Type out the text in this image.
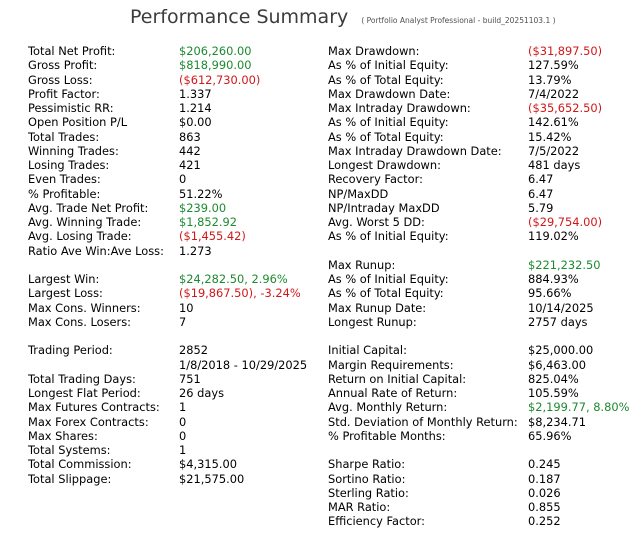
Performance Summary ( Portfolio Analyst Professional - build_20251103.1 )
Total Net Profit:	$206,260.00
Gross Profit:	$818,990.00
Gross Loss:	($612,730.00)
Profit Factor:	1.337
Pessimistic RR:	1.214
Open Position P/L	$0.00
Total Trades:	863
Winning Trades:	442
Losing Trades:	421
Even Trades:	0
% Profitable:	51.22%
Avg. Trade Net Profit:	$239.00
Avg. Winning Trade:	$1,852.92
Avg. Losing Trade:	($1,455.42)
Ratio Ave Win:Ave Loss: 1.273
Largest Win:	$24,282.50, 2.96%
Largest Loss:	($19,867.50), -3.24%
Max Cons. Winners:	10
Max Cons. Losers:	7
Trading Period:	2852
1/8/2018 - 10/29/2025
Total Trading Days:	751
Longest Flat Period:	26 days
Max Futures Contracts: 1
Max Forex Contracts:	0
Max Shares:	0
Total Systems:	1
Total Commission:	$4,315.00
Total Slippage:	$21,575.00
Max Drawdown:	($31,897.50)
As % of Initial Equity:	127.59%
As % of Total Equity:	13.79%
Max Drawdown Date:	7/4/2022
Max Intraday Drawdown:	($35,652.50)
As % of Initial Equity:	142.61%
As % of Total Equity:	15.42%
Max Intraday Drawdown Date: 7/5/2022
Longest Drawdown:	481 days
Recovery Factor:	6.47
NP/MaxDD	6.47
NP/Intraday MaxDD	5.79
Avg. Worst 5 DD:	($29,754.00)
As % of Initial Equity:	119.02%
Max Runup:	$221,232.50
As % of Initial Equity:	884.93%
As % of Total Equity:	95.66%
Max Runup Date:	10/14/2025
Longest Runup:	2757 days
Initial Capital:	$25,000.00
Margin Requirements:	$6,463.00
Return on Initial Capital:	825.04%
Annual Rate of Return:	105.59%
Avg. Monthly Return:	$2,199.77, 8.80%
Std. Deviation of Monthly Return: $8,234.71
% Profitable Months:	65.96%
Sharpe Ratio:	0.245
Sortino Ratio:	0.187
Sterling Ratio:	0.026
MAR Ratio:	0.855
Efficiency Factor:	0.252
